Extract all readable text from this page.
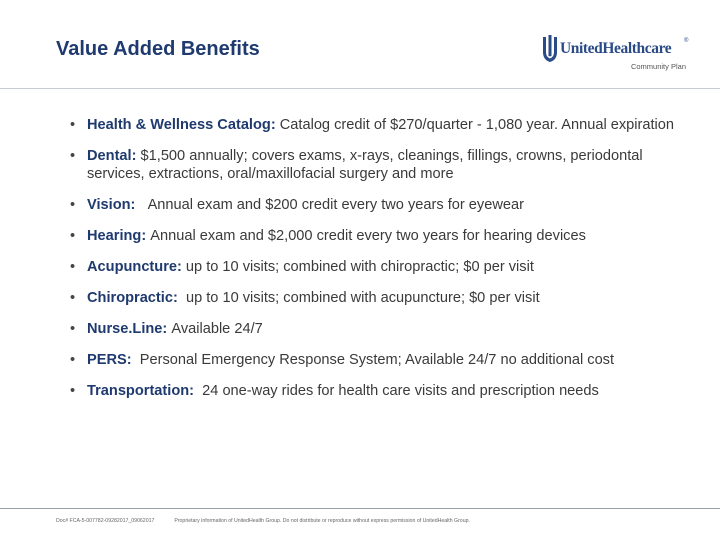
Value Added Benefits	UnitedHealthcare ®
Community Plan
• Health & Wellness Catalog: Catalog credit of $270/quarter - 1,080 year. Annual expiration
• Dental: $1,500 annually; covers exams, x-rays, cleanings, fillings, crowns, periodontal services, extractions, oral/maxillofacial surgery and more
• Vision:   Annual exam and $200 credit every two years for eyewear
• Hearing: Annual exam and $2,000 credit every two years for hearing devices
• Acupuncture: up to 10 visits; combined with chiropractic; $0 per visit
• Chiropractic:  up to 10 visits; combined with acupuncture; $0 per visit
• Nurse.Line: Available 24/7
• PERS:  Personal Emergency Response System; Available 24/7 no additional cost
• Transportation:  24 one-way rides for health care visits and prescription needs
Doc# FCA-5-007782-09282017_09062017	Proprietary information of UnitedHealth Group. Do not distribute or reproduce without express permission of UnitedHealth Group.
